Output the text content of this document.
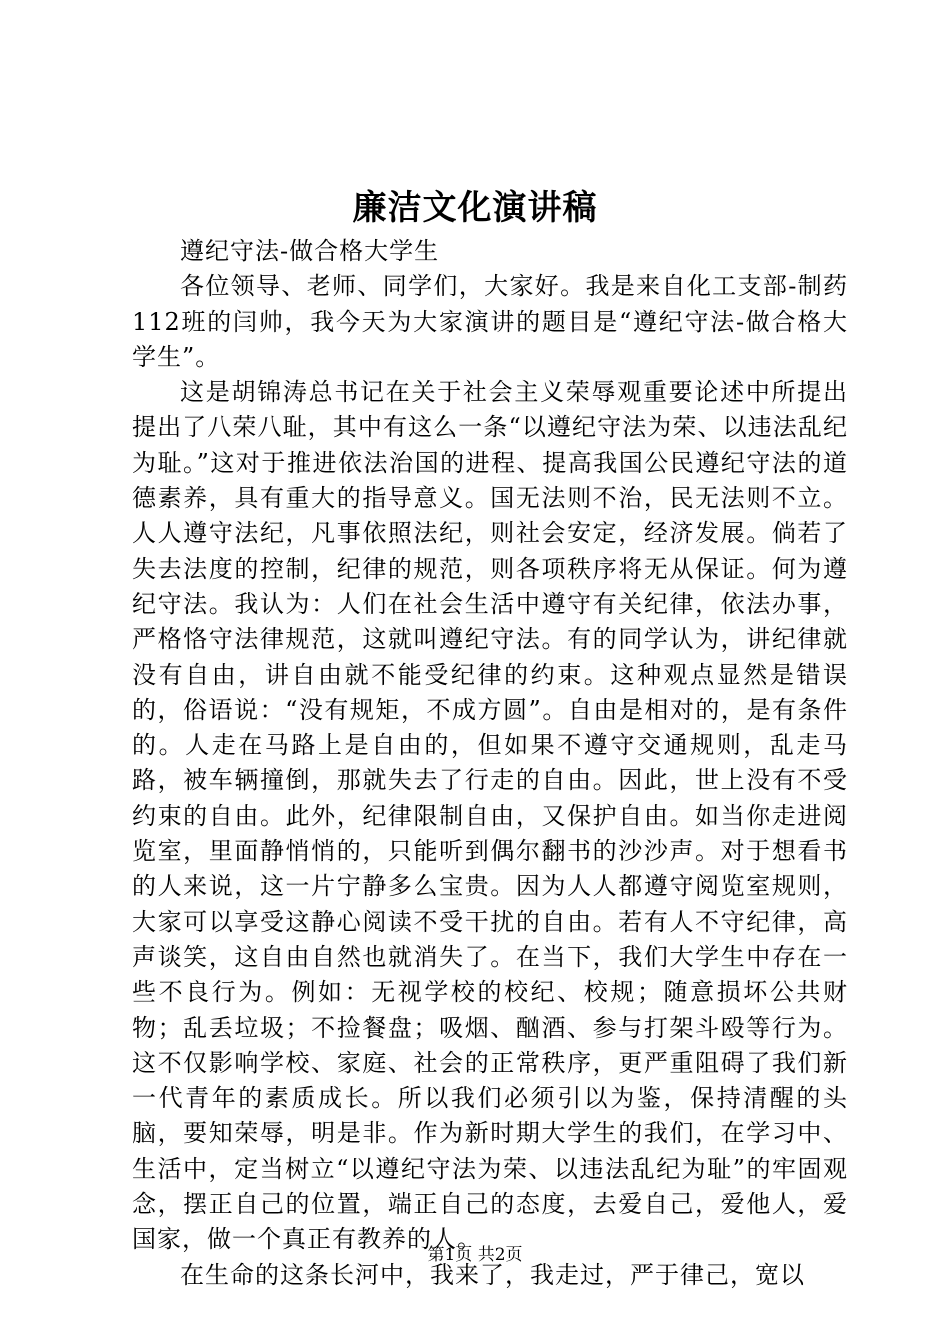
廉洁文化演讲稿

遵纪守法-做合格大学生

各位领导、老师、同学们，大家好。我是来自化工支部-制药112班的闫帅，我今天为大家演讲的题目是“遵纪守法-做合格大学生”。

这是胡锦涛总书记在关于社会主义荣辱观重要论述中所提出提出了八荣八耻，其中有这么一条“以遵纪守法为荣、以违法乱纪为耻。”这对于推进依法治国的进程、提高我国公民遵纪守法的道德素养，具有重大的指导意义。国无法则不治，民无法则不立。人人遵守法纪，凡事依照法纪，则社会安定，经济发展。倘若了失去法度的控制，纪律的规范，则各项秩序将无从保证。何为遵纪守法。我认为：人们在社会生活中遵守有关纪律，依法办事，严格恪守法律规范，这就叫遵纪守法。有的同学认为，讲纪律就没有自由，讲自由就不能受纪律的约束。这种观点显然是错误的，俗语说：“没有规矩，不成方圆”。自由是相对的，是有条件的。人走在马路上是自由的，但如果不遵守交通规则，乱走马路，被车辆撞倒，那就失去了行走的自由。因此，世上没有不受约束的自由。此外，纪律限制自由，又保护自由。如当你走进阅览室，里面静悄悄的，只能听到偶尔翻书的沙沙声。对于想看书的人来说，这一片宁静多么宝贵。因为人人都遵守阅览室规则，大家可以享受这静心阅读不受干扰的自由。若有人不守纪律，高声谈笑，这自由自然也就消失了。在当下，我们大学生中存在一些不良行为。例如：无视学校的校纪、校规；随意损坏公共财物；乱丢垃圾；不捡餐盘；吸烟、酗酒、参与打架斗殴等行为。这不仅影响学校、家庭、社会的正常秩序，更严重阻碍了我们新一代青年的素质成长。所以我们必须引以为鉴，保持清醒的头脑，要知荣辱，明是非。作为新时期大学生的我们，在学习中、生活中，定当树立“以遵纪守法为荣、以违法乱纪为耻”的牢固观念，摆正自己的位置，端正自己的态度，去爱自己，爱他人，爱国家，做一个真正有教养的人。

在生命的这条长河中，我来了，我走过，严于律己，宽以

第1页 共2页
